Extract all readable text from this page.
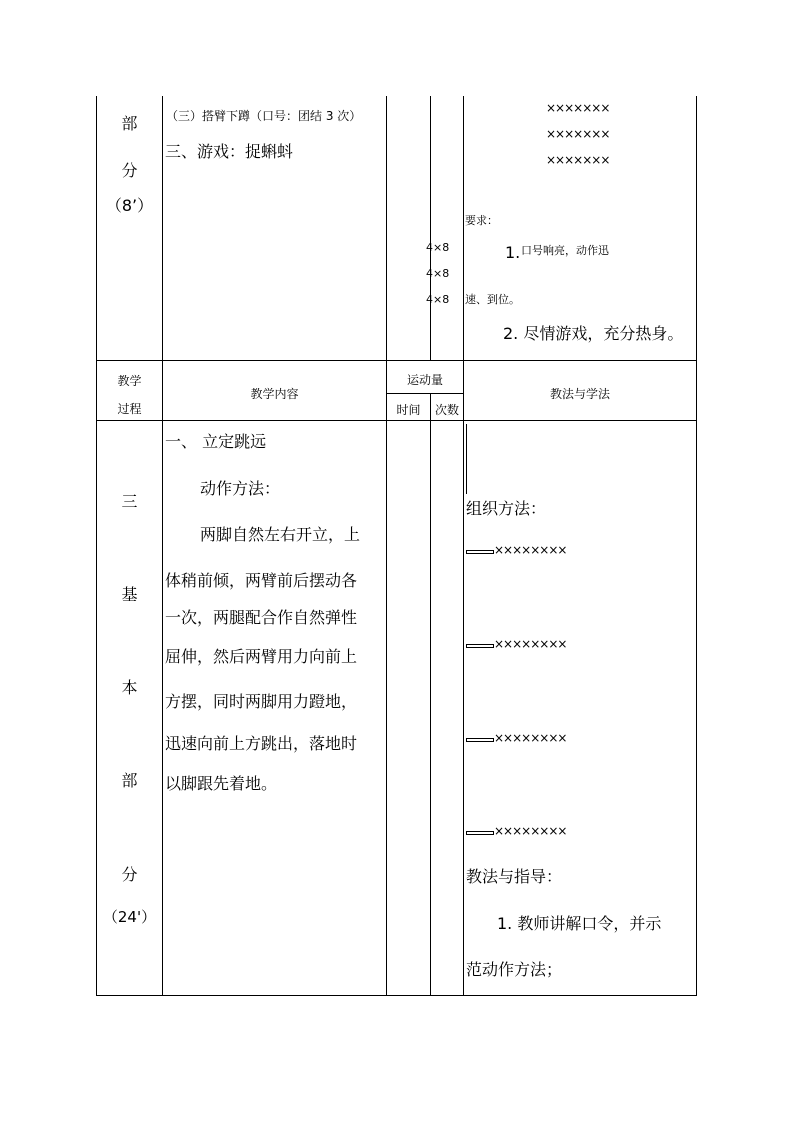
部
分
（8’）
（三）搭臂下蹲（口号：团结 3 次）
三、游戏：捉蝌蚪
4×8
4×8
4×8
×××××××
×××××××
×××××××
要求：
1. 口号响亮，动作迅
速、到位。
2. 尽情游戏，充分热身。
教学
过程
教学内容
运动量
时间	次数
教法与学法
三
基
本
部
分
（24'）
一、 立定跳远
动作方法：
两脚自然左右开立，上
体稍前倾，两臂前后摆动各
一次，两腿配合作自然弹性
屈伸，然后两臂用力向前上
方摆，同时两脚用力蹬地，
迅速向前上方跳出，落地时
以脚跟先着地。
组织方法：
××××××××
××××××××
××××××××
××××××××
教法与指导：
1. 教师讲解口令，并示
范动作方法；
